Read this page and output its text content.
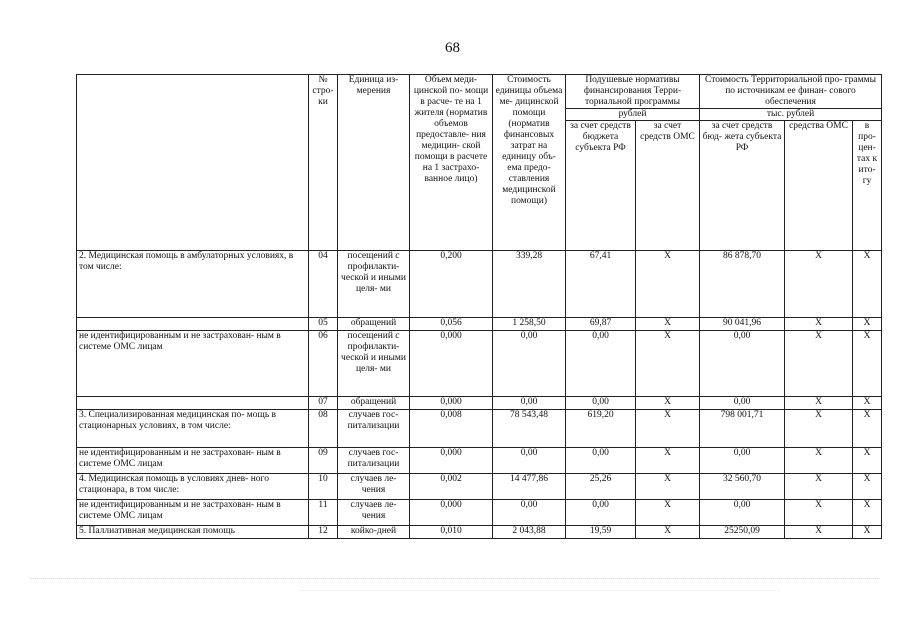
68
	№ стро- ки	Единица из- мерения	Объем меди- цинской по- мощи в расче- те на 1 жителя (норматив объемов предоставле- ния медицин- ской помощи в расчете на 1 застрахо- ванное лицо)	Стоимость единицы объема ме- дицинской помощи (норматив финансовых затрат на единицу объ- ема предо- ставления медицинской помощи)	Подушевые нормативы финансирования Терри- ториальной программы		Стоимость Территориальной про- граммы по источникам ее финан- сового обеспечения		
					рублей		тыс. рублей		
					за счет средств бюджета субъекта РФ	за счет средств ОМС	за счет средств бюд- жета субъекта РФ	средства ОМС	в про- цен- тах к ито- гу

2. Медицинская помощь в амбулаторных условиях, в том числе:	04	посещений с профилакти- ческой и иными целя- ми	0,200	339,28	67,41	Х	86 878,70	Х	Х
	05	обращений	0,056	1 258,50	69,87	Х	90 041,96	Х	Х
не идентифицированным и не застрахован- ным в системе ОМС лицам	06	посещений с профилакти- ческой и иными целя- ми	0,000	0,00	0,00	Х	0,00	Х	Х
	07	обращений	0,000	0,00	0,00	Х	0,00	Х	Х
3. Специализированная медицинская по- мощь в стационарных условиях, в том числе:	08	случаев гос- питализации	0,008	78 543,48	619,20	Х	798 001,71	Х	Х
не идентифицированным и не застрахован- ным в системе ОМС лицам	09	случаев гос- питализации	0,000	0,00	0,00	Х	0,00	Х	Х
4. Медицинская помощь в условиях днев- ного стационара, в том числе:	10	случаев ле- чения	0,002	14 477,86	25,26	Х	32 560,70	Х	Х
не идентифицированным и не застрахован- ным в системе ОМС лицам	11	случаев ле- чения	0,000	0,00	0,00	Х	0,00	Х	Х
5. Паллиативная медицинская помощь	12	койко-дней	0,010	2 043,88	19,59	Х	25250,09	Х	Х
